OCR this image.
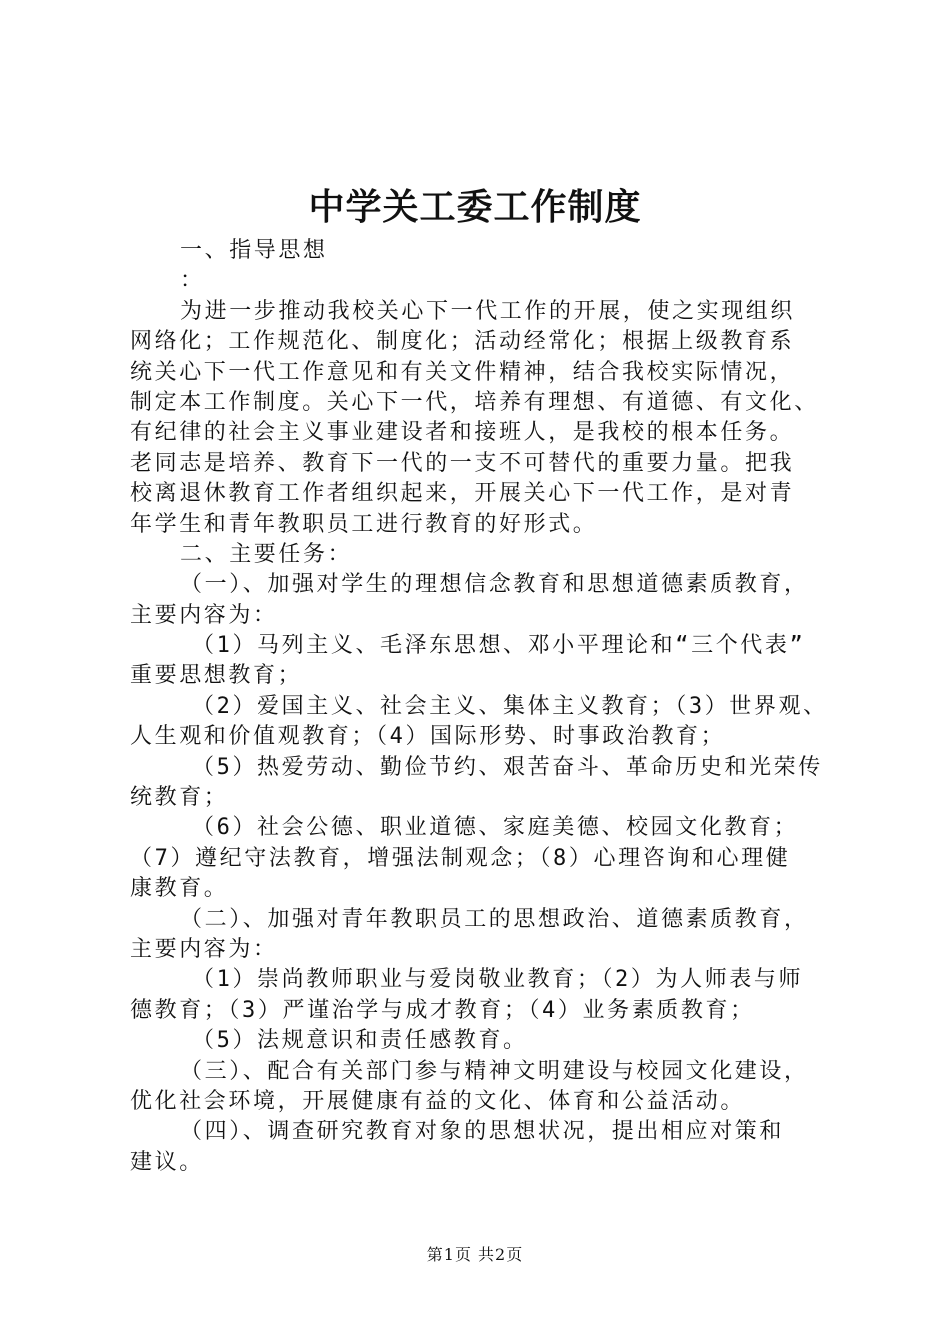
中学关工委工作制度
一、指导思想
：
为进一步推动我校关心下一代工作的开展，使之实现组织
网络化；工作规范化、制度化；活动经常化；根据上级教育系
统关心下一代工作意见和有关文件精神，结合我校实际情况，
制定本工作制度。关心下一代，培养有理想、有道德、有文化、
有纪律的社会主义事业建设者和接班人，是我校的根本任务。
老同志是培养、教育下一代的一支不可替代的重要力量。把我
校离退休教育工作者组织起来，开展关心下一代工作，是对青
年学生和青年教职员工进行教育的好形式。
二、主要任务：
（一）、加强对学生的理想信念教育和思想道德素质教育，
主要内容为：
（1）马列主义、毛泽东思想、邓小平理论和“三个代表”
重要思想教育；
（2）爱国主义、社会主义、集体主义教育；（3）世界观、
人生观和价值观教育；（4）国际形势、时事政治教育；
（5）热爱劳动、勤俭节约、艰苦奋斗、革命历史和光荣传
统教育；
（6）社会公德、职业道德、家庭美德、校园文化教育；
（7）遵纪守法教育，增强法制观念；（8）心理咨询和心理健
康教育。
（二）、加强对青年教职员工的思想政治、道德素质教育，
主要内容为：
（1）崇尚教师职业与爱岗敬业教育；（2）为人师表与师
德教育；（3）严谨治学与成才教育；（4）业务素质教育；
（5）法规意识和责任感教育。
（三）、配合有关部门参与精神文明建设与校园文化建设，
优化社会环境，开展健康有益的文化、体育和公益活动。
（四）、调查研究教育对象的思想状况，提出相应对策和
建议。
第1页 共2页
